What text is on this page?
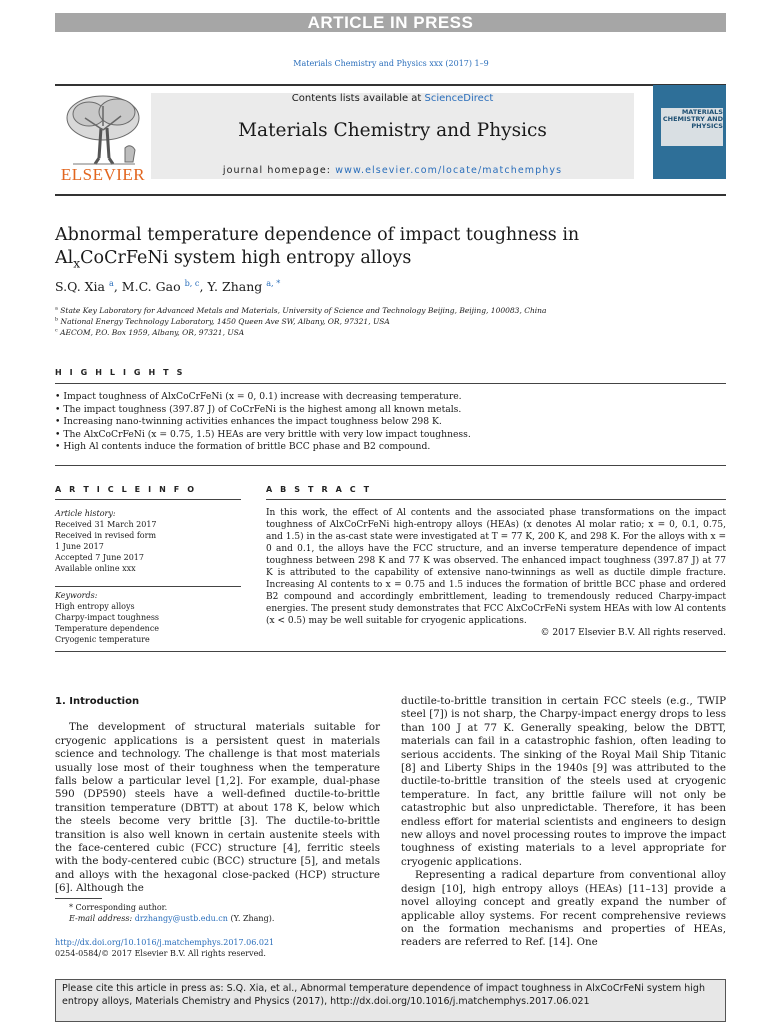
ARTICLE IN PRESS
Materials Chemistry and Physics xxx (2017) 1–9
ELSEVIER
Contents lists available at ScienceDirect
Materials Chemistry and Physics
journal homepage: www.elsevier.com/locate/matchemphys
MATERIALS CHEMISTRY AND PHYSICS
Abnormal temperature dependence of impact toughness in
$Al_xCoCrFeNi$ system high entropy alloys
S.Q. Xia $^a$, M.C. Gao $^{b, c}$, Y. Zhang $^{a, *}$
$^a$ State Key Laboratory for Advanced Metals and Materials, University of Science and Technology Beijing, Beijing, 100083, China
$^b$ National Energy Technology Laboratory, 1450 Queen Ave SW, Albany, OR, 97321, USA
$^c$ AECOM, P.O. Box 1959, Albany, OR, 97321, USA
H I G H L I G H T S
• Impact toughness of AlxCoCrFeNi (x = 0, 0.1) increase with decreasing temperature.
• The impact toughness (397.87 J) of CoCrFeNi is the highest among all known metals.
• Increasing nano-twinning activities enhances the impact toughness below 298 K.
• The AlxCoCrFeNi (x = 0.75, 1.5) HEAs are very brittle with very low impact toughness.
• High Al contents induce the formation of brittle BCC phase and B2 compound.
A R T I C L E I N F O	A B S T R A C T
Article history:
Received 31 March 2017
Received in revised form
1 June 2017
Accepted 7 June 2017
Available online xxx
Keywords:
High entropy alloys
Charpy-impact toughness
Temperature dependence
Cryogenic temperature
In this work, the effect of Al contents and the associated phase transformations on the impact toughness of AlxCoCrFeNi high-entropy alloys (HEAs) (x denotes Al molar ratio; x = 0, 0.1, 0.75, and 1.5) in the as-cast state were investigated at T = 77 K, 200 K, and 298 K. For the alloys with x = 0 and 0.1, the alloys have the FCC structure, and an inverse temperature dependence of impact toughness between 298 K and 77 K was observed. The enhanced impact toughness (397.87 J) at 77 K is attributed to the capability of extensive nano-twinnings as well as ductile dimple fracture. Increasing Al contents to x = 0.75 and 1.5 induces the formation of brittle BCC phase and ordered B2 compound and accordingly embrittlement, leading to tremendously reduced Charpy-impact energies. The present study demonstrates that FCC AlxCoCrFeNi system HEAs with low Al contents (x < 0.5) may be well suitable for cryogenic applications.
© 2017 Elsevier B.V. All rights reserved.
1. Introduction

The development of structural materials suitable for cryogenic applications is a persistent quest in materials science and technology. The challenge is that most materials usually lose most of their toughness when the temperature falls below a particular level [1,2]. For example, dual-phase 590 (DP590) steels have a well-defined ductile-to-brittle transition temperature (DBTT) at about 178 K, below which the steels become very brittle [3]. The ductile-to-brittle transition is also well known in certain austenite steels with the face-centered cubic (FCC) structure [4], ferritic steels with the body-centered cubic (BCC) structure [5], and metals and alloys with the hexagonal close-packed (HCP) structure [6]. Although the

ductile-to-brittle transition in certain FCC steels (e.g., TWIP steel [7]) is not sharp, the Charpy-impact energy drops to less than 100 J at 77 K. Generally speaking, below the DBTT, materials can fail in a catastrophic fashion, often leading to serious accidents. The sinking of the Royal Mail Ship Titanic [8] and Liberty Ships in the 1940s [9] was attributed to the ductile-to-brittle transition of the steels used at cryogenic temperature. In fact, any brittle failure will not only be catastrophic but also unpredictable. Therefore, it has been endless effort for material scientists and engineers to design new alloys and novel processing routes to improve the impact toughness of existing materials to a level appropriate for cryogenic applications.

Representing a radical departure from conventional alloy design [10], high entropy alloys (HEAs) [11–13] provide a novel alloying concept and greatly expand the number of applicable alloy systems. For recent comprehensive reviews on the formation mechanisms and properties of HEAs, readers are referred to Ref. [14]. One

* Corresponding author.
E-mail address: drzhangy@ustb.edu.cn (Y. Zhang).
http://dx.doi.org/10.1016/j.matchemphys.2017.06.021
0254-0584/© 2017 Elsevier B.V. All rights reserved.
Please cite this article in press as: S.Q. Xia, et al., Abnormal temperature dependence of impact toughness in AlxCoCrFeNi system high entropy alloys, Materials Chemistry and Physics (2017), http://dx.doi.org/10.1016/j.matchemphys.2017.06.021
